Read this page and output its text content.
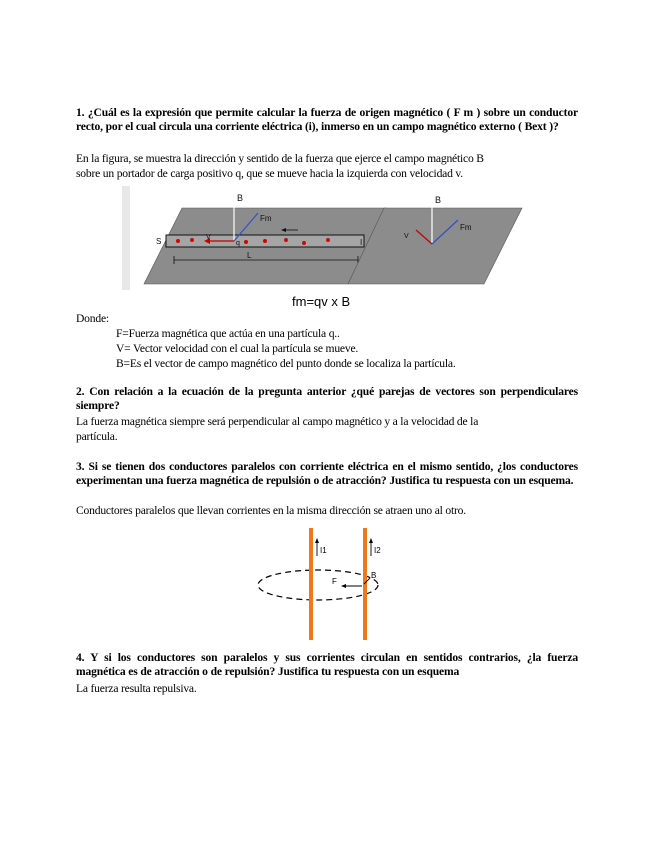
1. ¿Cuál es la expresión que permite calcular la fuerza de origen magnético ( F m ) sobre un conductor recto, por el cual circula una corriente eléctrica (i), inmerso en un campo magnético externo ( Bext )?
En la figura, se muestra la dirección y sentido de la fuerza que ejerce el campo magnético B
sobre un portador de carga positivo q, que se mueve hacia la izquierda con velocidad v.
B
Fm
V
q
S	I
L
B
Fm
V
fm=qv x B
Donde:
F=Fuerza magnética que actúa en una partícula q..
V= Vector velocidad con el cual la partícula se mueve.
B=Es el vector de campo magnético del punto donde se localiza la partícula.
2. Con relación a la ecuación de la pregunta anterior ¿qué parejas de vectores son perpendiculares siempre?
La fuerza magnética siempre será perpendicular al campo magnético y a la velocidad de la
partícula.
3. Si se tienen dos conductores paralelos con corriente eléctrica en el mismo sentido, ¿los conductores experimentan una fuerza magnética de repulsión o de atracción? Justifica tu respuesta con un esquema.
Conductores paralelos que llevan corrientes en la misma dirección se atraen uno al otro.
I1	I2
F
B
4. Y si los conductores son paralelos y sus corrientes circulan en sentidos contrarios, ¿la fuerza magnética es de atracción o de repulsión? Justifica tu respuesta con un esquema
La fuerza resulta repulsiva.
